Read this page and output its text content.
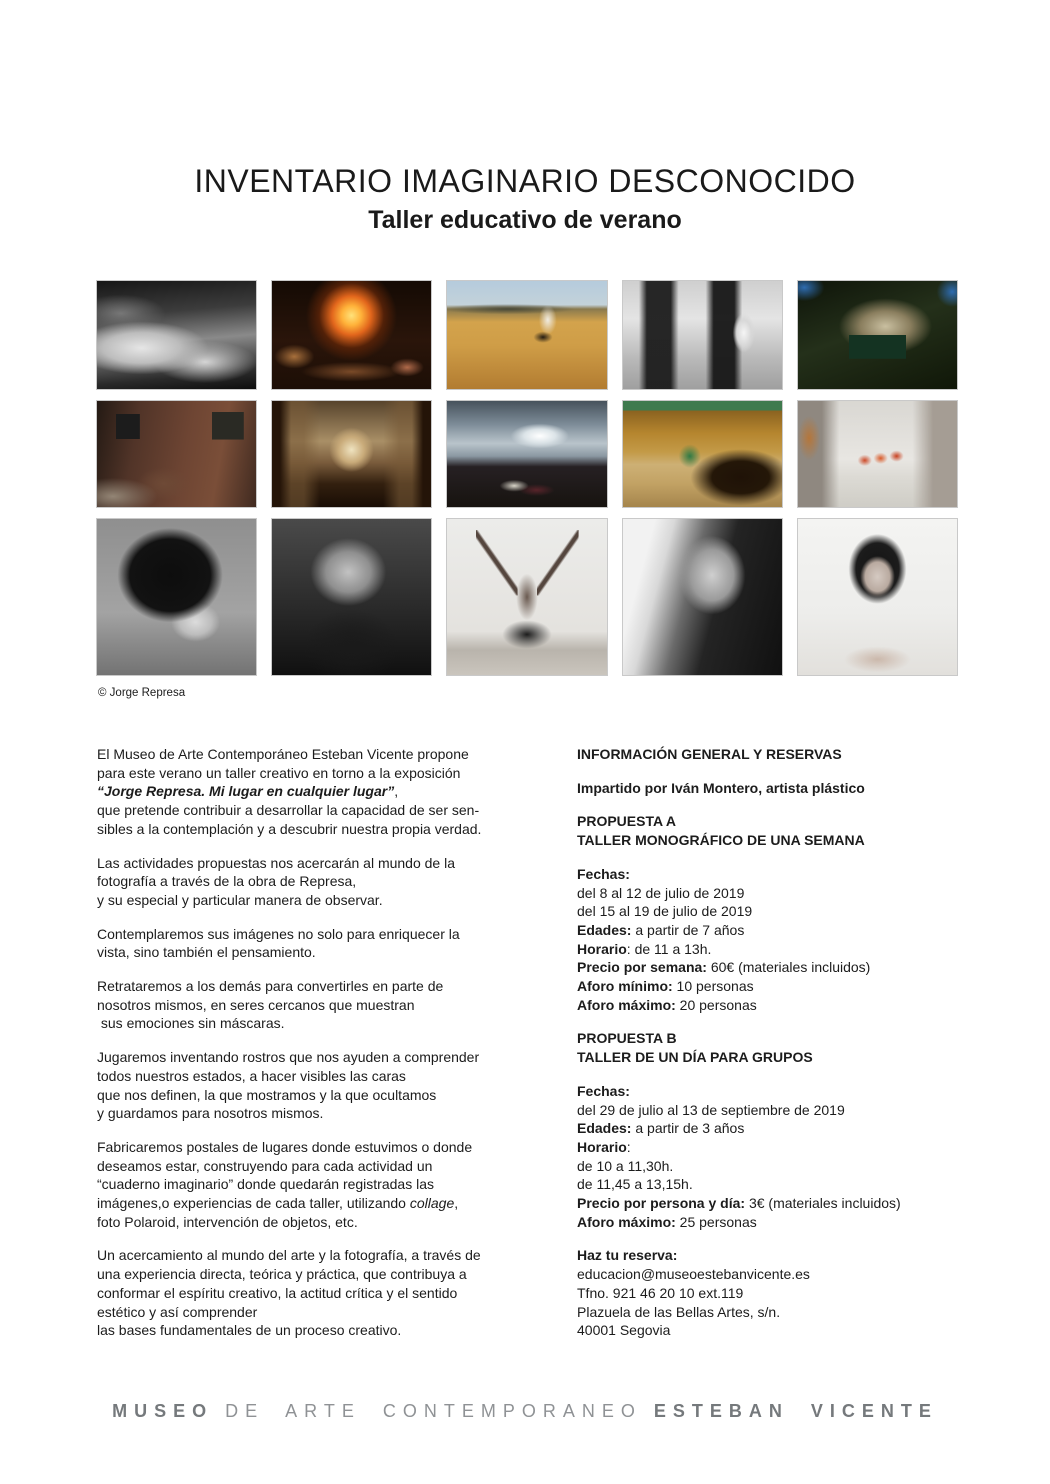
INVENTARIO IMAGINARIO DESCONOCIDO
Taller educativo de verano
© Jorge Represa
El Museo de Arte Contemporáneo Esteban Vicente propone
para este verano un taller creativo en torno a la exposición
“Jorge Represa. Mi lugar en cualquier lugar”,
que pretende contribuir a desarrollar la capacidad de ser sen-
sibles a la contemplación y a descubrir nuestra propia verdad.
Las actividades propuestas nos acercarán al mundo de la
fotografía a través de la obra de Represa,
y su especial y particular manera de observar.
Contemplaremos sus imágenes no solo para enriquecer la
vista, sino también el pensamiento.
Retrataremos a los demás para convertirles en parte de
nosotros mismos, en seres cercanos que muestran
sus emociones sin máscaras.
Jugaremos inventando rostros que nos ayuden a comprender
todos nuestros estados, a hacer visibles las caras
que nos definen, la que mostramos y la que ocultamos
y guardamos para nosotros mismos.
Fabricaremos postales de lugares donde estuvimos o donde
deseamos estar, construyendo para cada actividad un
“cuaderno imaginario” donde quedarán registradas las
imágenes,o experiencias de cada taller, utilizando collage,
foto Polaroid, intervención de objetos, etc.
Un acercamiento al mundo del arte y la fotografía, a través de
una experiencia directa, teórica y práctica, que contribuya a
conformar el espíritu creativo, la actitud crítica y el sentido
estético y así comprender
las bases fundamentales de un proceso creativo.
INFORMACIÓN GENERAL Y RESERVAS
Impartido por Iván Montero, artista plástico
PROPUESTA A
TALLER MONOGRÁFICO DE UNA SEMANA
Fechas:
del 8 al 12 de julio de 2019
del 15 al 19 de julio de 2019
Edades: a partir de 7 años
Horario: de 11 a 13h.
Precio por semana: 60€ (materiales incluidos)
Aforo mínimo: 10 personas
Aforo máximo: 20 personas
PROPUESTA B
TALLER DE UN DÍA PARA GRUPOS
Fechas:
del 29 de julio al 13 de septiembre de 2019
Edades: a partir de 3 años
Horario:
de 10 a 11,30h.
de 11,45 a 13,15h.
Precio por persona y día: 3€ (materiales incluidos)
Aforo máximo: 25 personas
Haz tu reserva:
educacion@museoestebanvicente.es
Tfno. 921 46 20 10 ext.119
Plazuela de las Bellas Artes, s/n.
40001 Segovia
MUSEO DE ARTE CONTEMPORANEO ESTEBAN VICENTE
